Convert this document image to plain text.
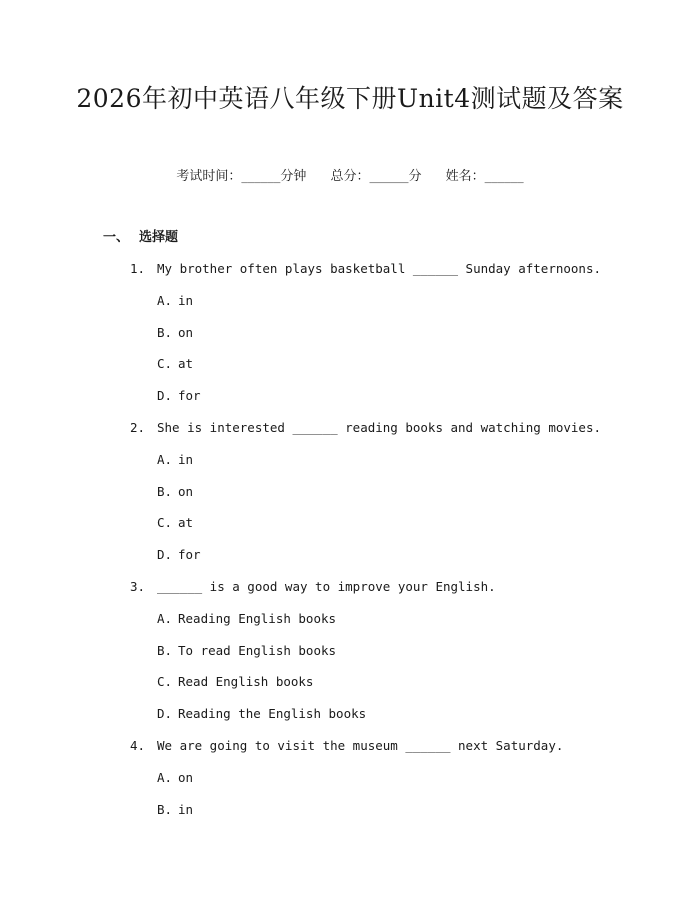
2026年初中英语八年级下册Unit4测试题及答案
考试时间：______分钟 总分：______分 姓名：______
一、 选择题

1.

My brother often plays basketball ______ Sunday afternoons.

A.

in

B.

on

C.

at

D.

for

2.

She is interested ______ reading books and watching movies.

A.

in

B.

on

C.

at

D.

for

3.

______ is a good way to improve your English.

A.

Reading English books

B.

To read English books

C.

Read English books

D.

Reading the English books

4.

We are going to visit the museum ______ next Saturday.

A.

on

B.

in
